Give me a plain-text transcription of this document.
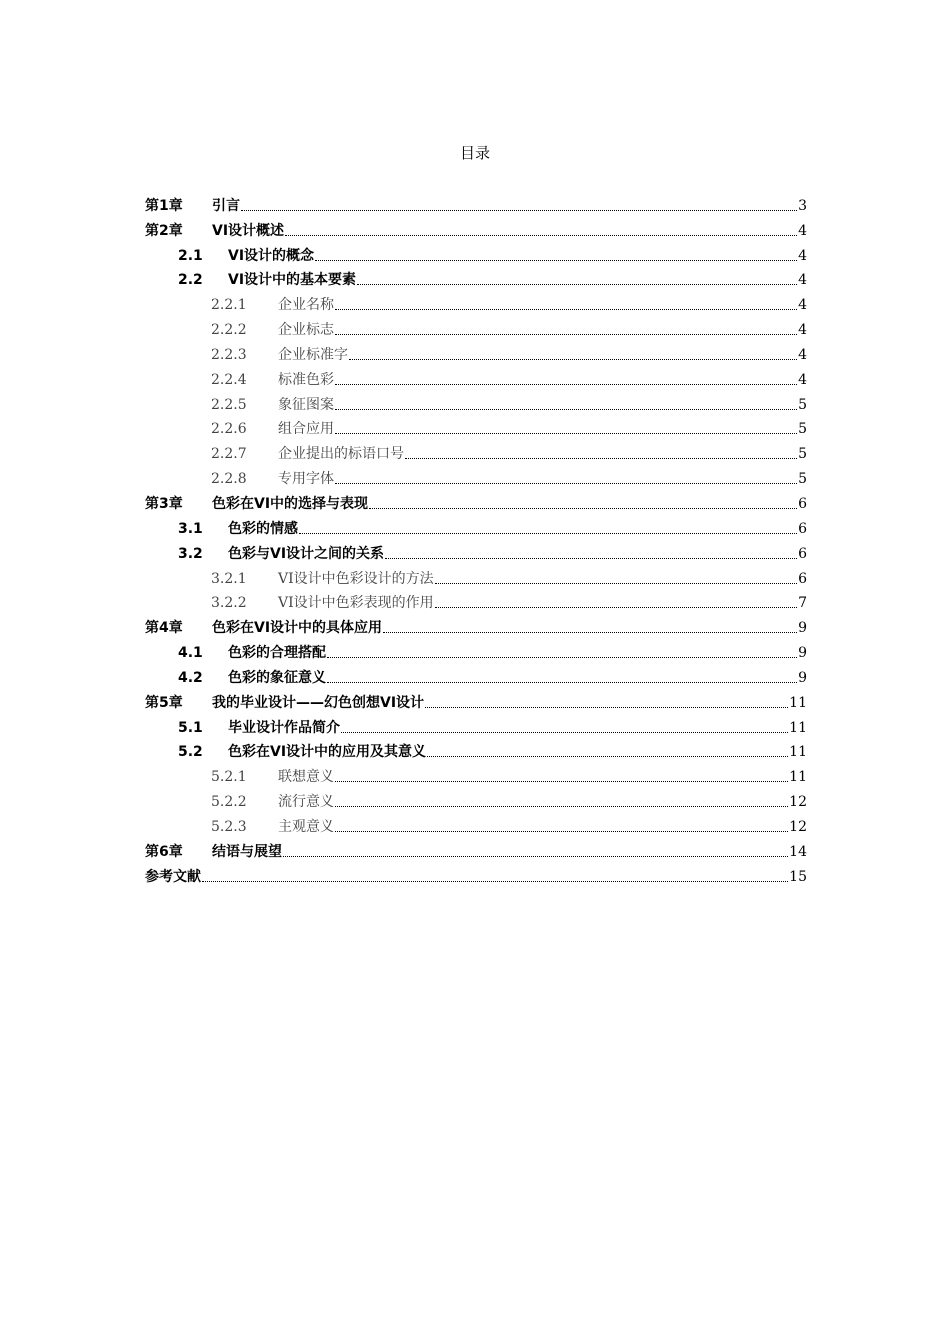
目录
第1章 引言	3
第2章 VI设计概述	4
2.1 VI设计的概念	4
2.2 VI设计中的基本要素	4
2.2.1 企业名称	4
2.2.2 企业标志	4
2.2.3 企业标准字	4
2.2.4 标准色彩	4
2.2.5 象征图案	5
2.2.6 组合应用	5
2.2.7 企业提出的标语口号	5
2.2.8 专用字体	5
第3章 色彩在VI中的选择与表现	6
3.1 色彩的情感	6
3.2 色彩与VI设计之间的关系	6
3.2.1 VI设计中色彩设计的方法	6
3.2.2 VI设计中色彩表现的作用	7
第4章 色彩在VI设计中的具体应用	9
4.1 色彩的合理搭配	9
4.2 色彩的象征意义	9
第5章 我的毕业设计——幻色创想VI设计	11
5.1 毕业设计作品简介	11
5.2 色彩在VI设计中的应用及其意义	11
5.2.1 联想意义	11
5.2.2 流行意义	12
5.2.3 主观意义	12
第6章 结语与展望	14
参考文献	15
